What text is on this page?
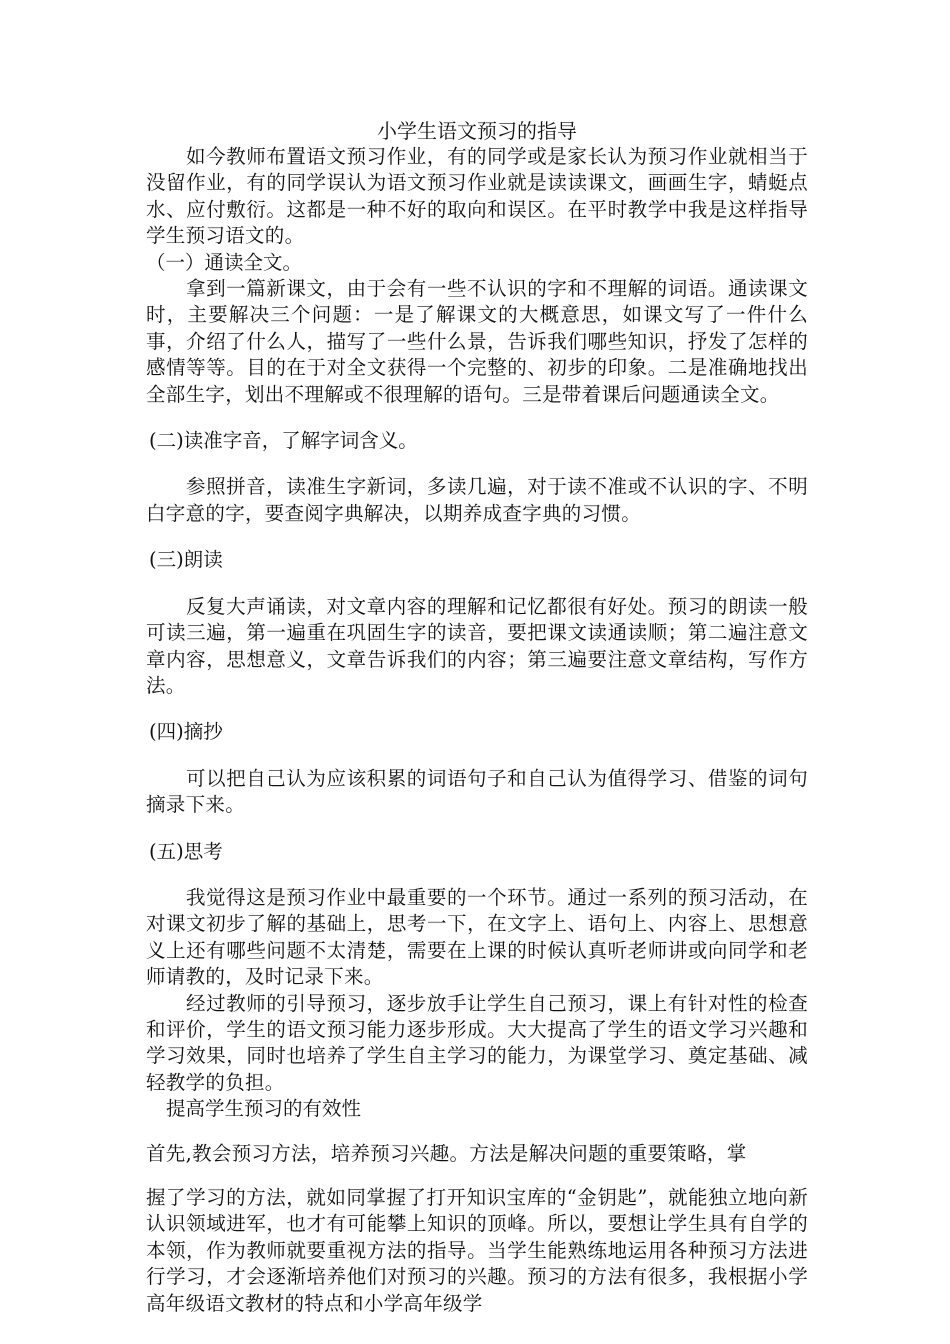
小学生语文预习的指导

如今教师布置语文预习作业，有的同学或是家长认为预习作业就相当于没留作业，有的同学误认为语文预习作业就是读读课文，画画生字，蜻蜓点水、应付敷衍。这都是一种不好的取向和误区。在平时教学中我是这样指导学生预习语文的。

（一）通读全文。

拿到一篇新课文，由于会有一些不认识的字和不理解的词语。通读课文时，主要解决三个问题：一是了解课文的大概意思，如课文写了一件什么事，介绍了什么人，描写了一些什么景，告诉我们哪些知识，抒发了怎样的感情等等。目的在于对全文获得一个完整的、初步的印象。二是准确地找出全部生字，划出不理解或不很理解的语句。三是带着课后问题通读全文。

(二)读准字音，了解字词含义。

参照拼音，读准生字新词，多读几遍，对于读不准或不认识的字、不明白字意的字，要查阅字典解决，以期养成查字典的习惯。

(三)朗读

反复大声诵读，对文章内容的理解和记忆都很有好处。预习的朗读一般可读三遍，第一遍重在巩固生字的读音，要把课文读通读顺；第二遍注意文章内容，思想意义，文章告诉我们的内容；第三遍要注意文章结构，写作方法。

(四)摘抄

可以把自己认为应该积累的词语句子和自己认为值得学习、借鉴的词句摘录下来。

(五)思考

我觉得这是预习作业中最重要的一个环节。通过一系列的预习活动，在对课文初步了解的基础上，思考一下，在文字上、语句上、内容上、思想意义上还有哪些问题不太清楚，需要在上课的时候认真听老师讲或向同学和老师请教的，及时记录下来。

经过教师的引导预习，逐步放手让学生自己预习，课上有针对性的检查和评价，学生的语文预习能力逐步形成。大大提高了学生的语文学习兴趣和学习效果，同时也培养了学生自主学习的能力，为课堂学习、奠定基础、减轻教学的负担。

提高学生预习的有效性

首先,教会预习方法，培养预习兴趣。方法是解决问题的重要策略，掌

握了学习的方法，就如同掌握了打开知识宝库的“金钥匙”，就能独立地向新认识领域进军，也才有可能攀上知识的顶峰。所以，要想让学生具有自学的本领，作为教师就要重视方法的指导。当学生能熟练地运用各种预习方法进行学习，才会逐渐培养他们对预习的兴趣。预习的方法有很多，我根据小学高年级语文教材的特点和小学高年级学
